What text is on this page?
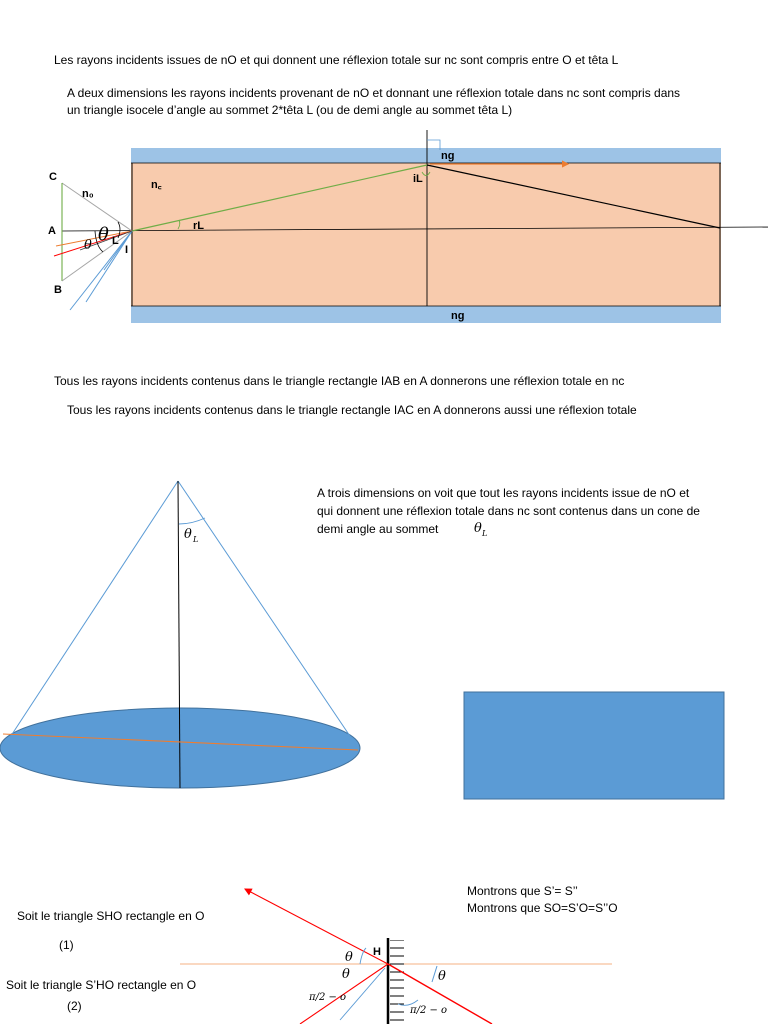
Les rayons incidents issues de nO et qui donnent une réflexion totale sur nc sont compris entre O et têta L
A deux dimensions les rayons incidents provenant de nO et donnant une réflexion totale dans nc sont compris dans
un triangle isocele d’angle au sommet 2*têta L (ou de demi angle au sommet têta L)
Tous les rayons incidents contenus dans le triangle rectangle IAB en A donnerons une réflexion totale en nc
Tous les rayons incidents contenus dans le triangle rectangle IAC en A donnerons aussi une réflexion totale
A trois dimensions on voit que tout les rayons incidents issue de nO et
qui donnent une réflexion totale dans nc sont contenus dans un cone de
demi angle au sommet
Montrons que S’= S’’
Montrons que SO=S’O=S’’O
Soit le triangle SHO rectangle en O
(1)
Soit le triangle S’HO rectangle en O
(2)
C
A
B
I
n₀
n꜀
ng
ng
rL
iL
θ
θ L
θ L
θ L
H
θ
θ	θ
π/2 − o
π/2 − o
